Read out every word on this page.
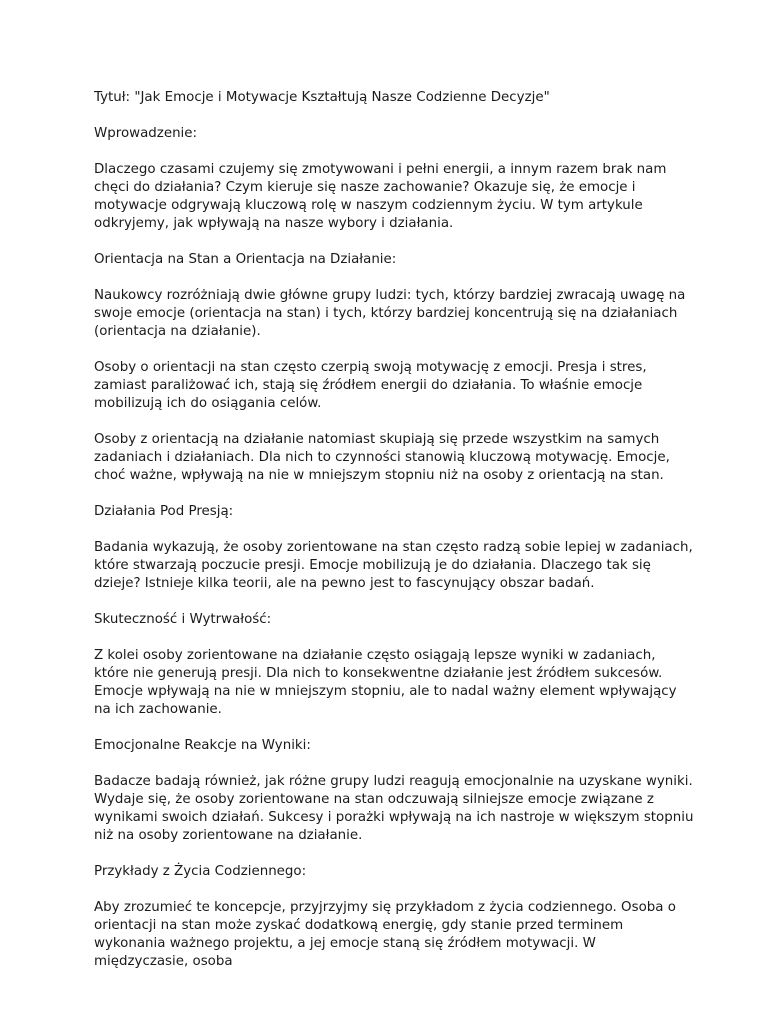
Tytuł: "Jak Emocje i Motywacje Kształtują Nasze Codzienne Decyzje"

Wprowadzenie:

Dlaczego czasami czujemy się zmotywowani i pełni energii, a innym razem brak nam chęci do działania? Czym kieruje się nasze zachowanie? Okazuje się, że emocje i motywacje odgrywają kluczową rolę w naszym codziennym życiu. W tym artykule odkryjemy, jak wpływają na nasze wybory i działania.

Orientacja na Stan a Orientacja na Działanie:

Naukowcy rozróżniają dwie główne grupy ludzi: tych, którzy bardziej zwracają uwagę na swoje emocje (orientacja na stan) i tych, którzy bardziej koncentrują się na działaniach (orientacja na działanie).

Osoby o orientacji na stan często czerpią swoją motywację z emocji. Presja i stres, zamiast paraliżować ich, stają się źródłem energii do działania. To właśnie emocje mobilizują ich do osiągania celów.

Osoby z orientacją na działanie natomiast skupiają się przede wszystkim na samych zadaniach i działaniach. Dla nich to czynności stanowią kluczową motywację. Emocje, choć ważne, wpływają na nie w mniejszym stopniu niż na osoby z orientacją na stan.

Działania Pod Presją:

Badania wykazują, że osoby zorientowane na stan często radzą sobie lepiej w zadaniach, które stwarzają poczucie presji. Emocje mobilizują je do działania. Dlaczego tak się dzieje? Istnieje kilka teorii, ale na pewno jest to fascynujący obszar badań.

Skuteczność i Wytrwałość:

Z kolei osoby zorientowane na działanie często osiągają lepsze wyniki w zadaniach, które nie generują presji. Dla nich to konsekwentne działanie jest źródłem sukcesów. Emocje wpływają na nie w mniejszym stopniu, ale to nadal ważny element wpływający na ich zachowanie.

Emocjonalne Reakcje na Wyniki:

Badacze badają również, jak różne grupy ludzi reagują emocjonalnie na uzyskane wyniki. Wydaje się, że osoby zorientowane na stan odczuwają silniejsze emocje związane z wynikami swoich działań. Sukcesy i porażki wpływają na ich nastroje w większym stopniu niż na osoby zorientowane na działanie.

Przykłady z Życia Codziennego:

Aby zrozumieć te koncepcje, przyjrzyjmy się przykładom z życia codziennego. Osoba o orientacji na stan może zyskać dodatkową energię, gdy stanie przed terminem wykonania ważnego projektu, a jej emocje staną się źródłem motywacji. W międzyczasie, osoba
